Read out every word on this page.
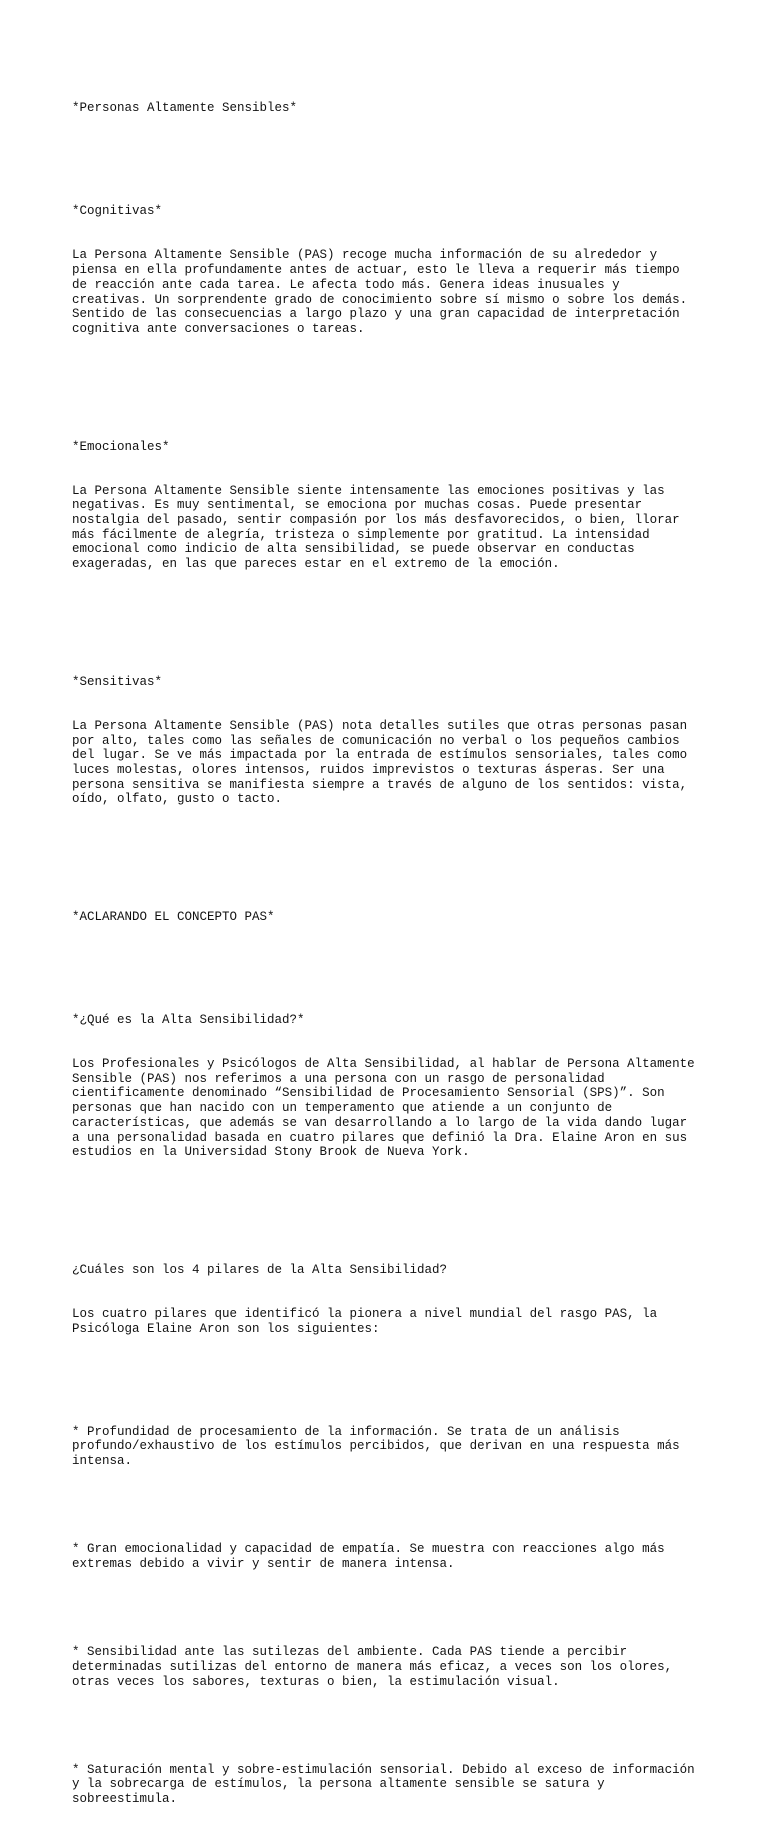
*Personas Altamente Sensibles*

*Cognitivas*

La Persona Altamente Sensible (PAS) recoge mucha información de su alrededor y
piensa en ella profundamente antes de actuar, esto le lleva a requerir más tiempo
de reacción ante cada tarea. Le afecta todo más. Genera ideas inusuales y
creativas. Un sorprendente grado de conocimiento sobre sí mismo o sobre los demás.
Sentido de las consecuencias a largo plazo y una gran capacidad de interpretación
cognitiva ante conversaciones o tareas.

*Emocionales*

La Persona Altamente Sensible siente intensamente las emociones positivas y las
negativas. Es muy sentimental, se emociona por muchas cosas. Puede presentar
nostalgia del pasado, sentir compasión por los más desfavorecidos, o bien, llorar
más fácilmente de alegría, tristeza o simplemente por gratitud. La intensidad
emocional como indicio de alta sensibilidad, se puede observar en conductas
exageradas, en las que pareces estar en el extremo de la emoción.

*Sensitivas*

La Persona Altamente Sensible (PAS) nota detalles sutiles que otras personas pasan
por alto, tales como las señales de comunicación no verbal o los pequeños cambios
del lugar. Se ve más impactada por la entrada de estímulos sensoriales, tales como
luces molestas, olores intensos, ruidos imprevistos o texturas ásperas. Ser una
persona sensitiva se manifiesta siempre a través de alguno de los sentidos: vista,
oído, olfato, gusto o tacto.

*ACLARANDO EL CONCEPTO PAS*

*¿Qué es la Alta Sensibilidad?*

Los Profesionales y Psicólogos de Alta Sensibilidad, al hablar de Persona Altamente
Sensible (PAS) nos referimos a una persona con un rasgo de personalidad
cientificamente denominado “Sensibilidad de Procesamiento Sensorial (SPS)”. Son
personas que han nacido con un temperamento que atiende a un conjunto de
características, que además se van desarrollando a lo largo de la vida dando lugar
a una personalidad basada en cuatro pilares que definió la Dra. Elaine Aron en sus
estudios en la Universidad Stony Brook de Nueva York.

¿Cuáles son los 4 pilares de la Alta Sensibilidad?

Los cuatro pilares que identificó la pionera a nivel mundial del rasgo PAS, la
Psicóloga Elaine Aron son los siguientes:

* Profundidad de procesamiento de la información. Se trata de un análisis
profundo/exhaustivo de los estímulos percibidos, que derivan en una respuesta más
intensa.

* Gran emocionalidad y capacidad de empatía. Se muestra con reacciones algo más
extremas debido a vivir y sentir de manera intensa.

* Sensibilidad ante las sutilezas del ambiente. Cada PAS tiende a percibir
determinadas sutilizas del entorno de manera más eficaz, a veces son los olores,
otras veces los sabores, texturas o bien, la estimulación visual.

* Saturación mental y sobre-estimulación sensorial. Debido al exceso de información
y la sobrecarga de estímulos, la persona altamente sensible se satura y
sobreestimula.
